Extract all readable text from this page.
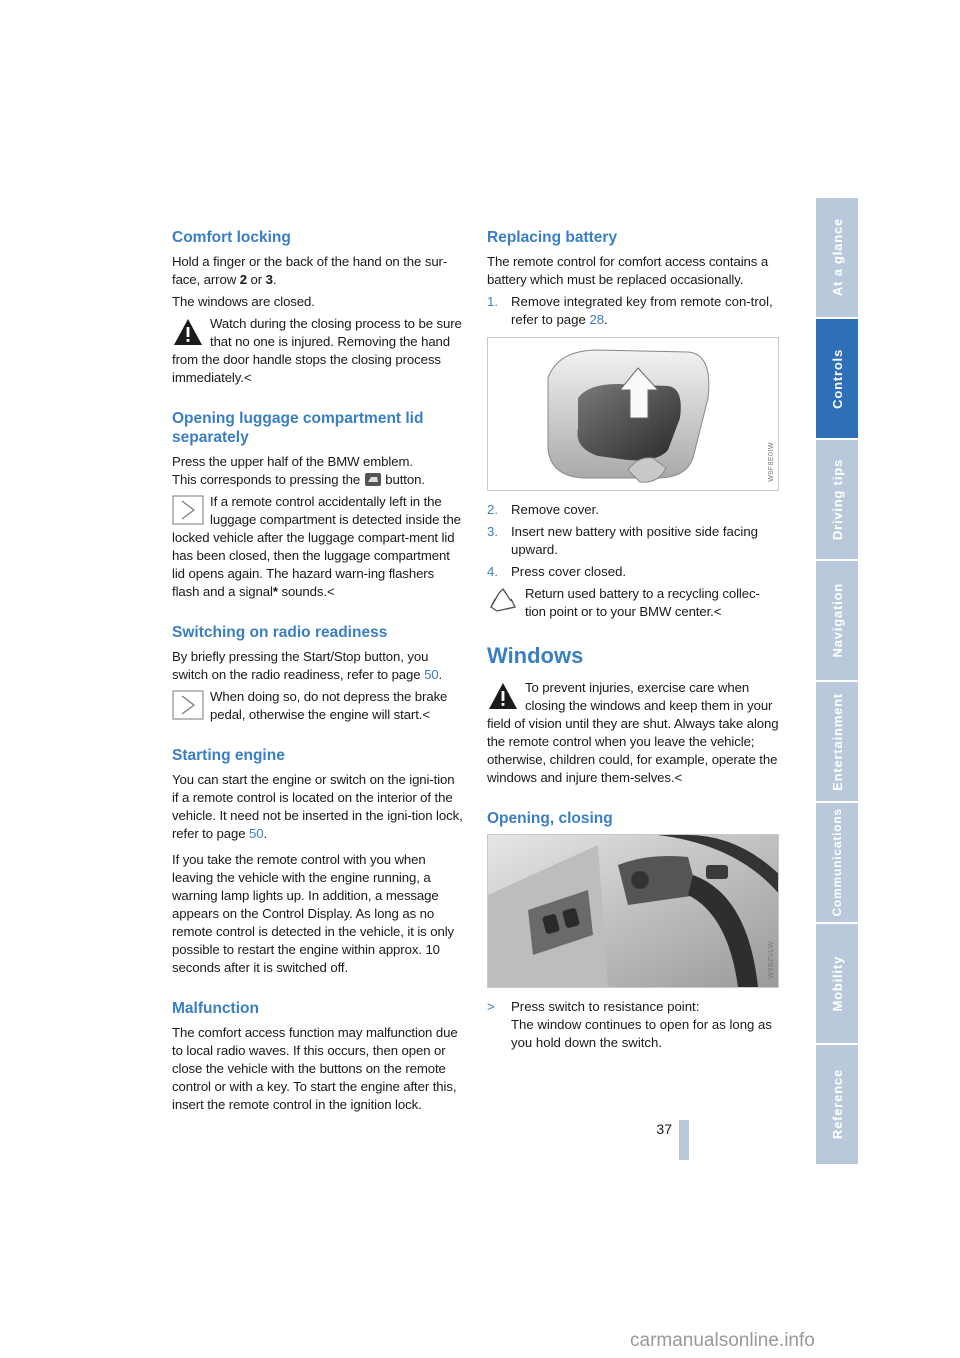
Comfort locking

Hold a finger or the back of the hand on the sur-face, arrow 2 or 3.

The windows are closed.

Watch during the closing process to be sure that no one is injured. Removing the hand from the door handle stops the closing process immediately.<

Opening luggage compartment lid
separately

Press the upper half of the BMW emblem.

This corresponds to pressing the  button.

If a remote control accidentally left in the luggage compartment is detected inside the locked vehicle after the luggage compart-ment lid has been closed, then the luggage compartment lid opens again. The hazard warn-ing flashers flash and a signal* sounds.<

Switching on radio readiness

By briefly pressing the Start/Stop button, you switch on the radio readiness, refer to page 50.

When doing so, do not depress the brake pedal, otherwise the engine will start.<

Starting engine

You can start the engine or switch on the igni-tion if a remote control is located on the interior of the vehicle. It need not be inserted in the igni-tion lock, refer to page 50.

If you take the remote control with you when leaving the vehicle with the engine running, a warning lamp lights up. In addition, a message appears on the Control Display. As long as no remote control is detected in the vehicle, it is only possible to restart the engine within approx. 10 seconds after it is switched off.

Malfunction

The comfort access function may malfunction due to local radio waves. If this occurs, then open or close the vehicle with the buttons on the remote control or with a key. To start the engine after this, insert the remote control in the ignition lock.

Replacing battery

The remote control for comfort access contains a battery which must be replaced occasionally.

1. Remove integrated key from remote con-trol, refer to page 28.
W9F8E0IW
2. Remove cover.
3. Insert new battery with positive side facing upward.
4. Press cover closed.

Return used battery to a recycling collec-tion point or to your BMW center.<

Windows

To prevent injuries, exercise care when closing the windows and keep them in your field of vision until they are shut. Always take along the remote control when you leave the vehicle; otherwise, children could, for example, operate the windows and injure them-selves.<

Opening, closing
W9BZVLW
> Press switch to resistance point:
The window continues to open for as long as you hold down the switch.
At a glance
Controls
Driving tips
Navigation
Entertainment
Communications
Mobility
Reference
37
carmanualsonline.info
